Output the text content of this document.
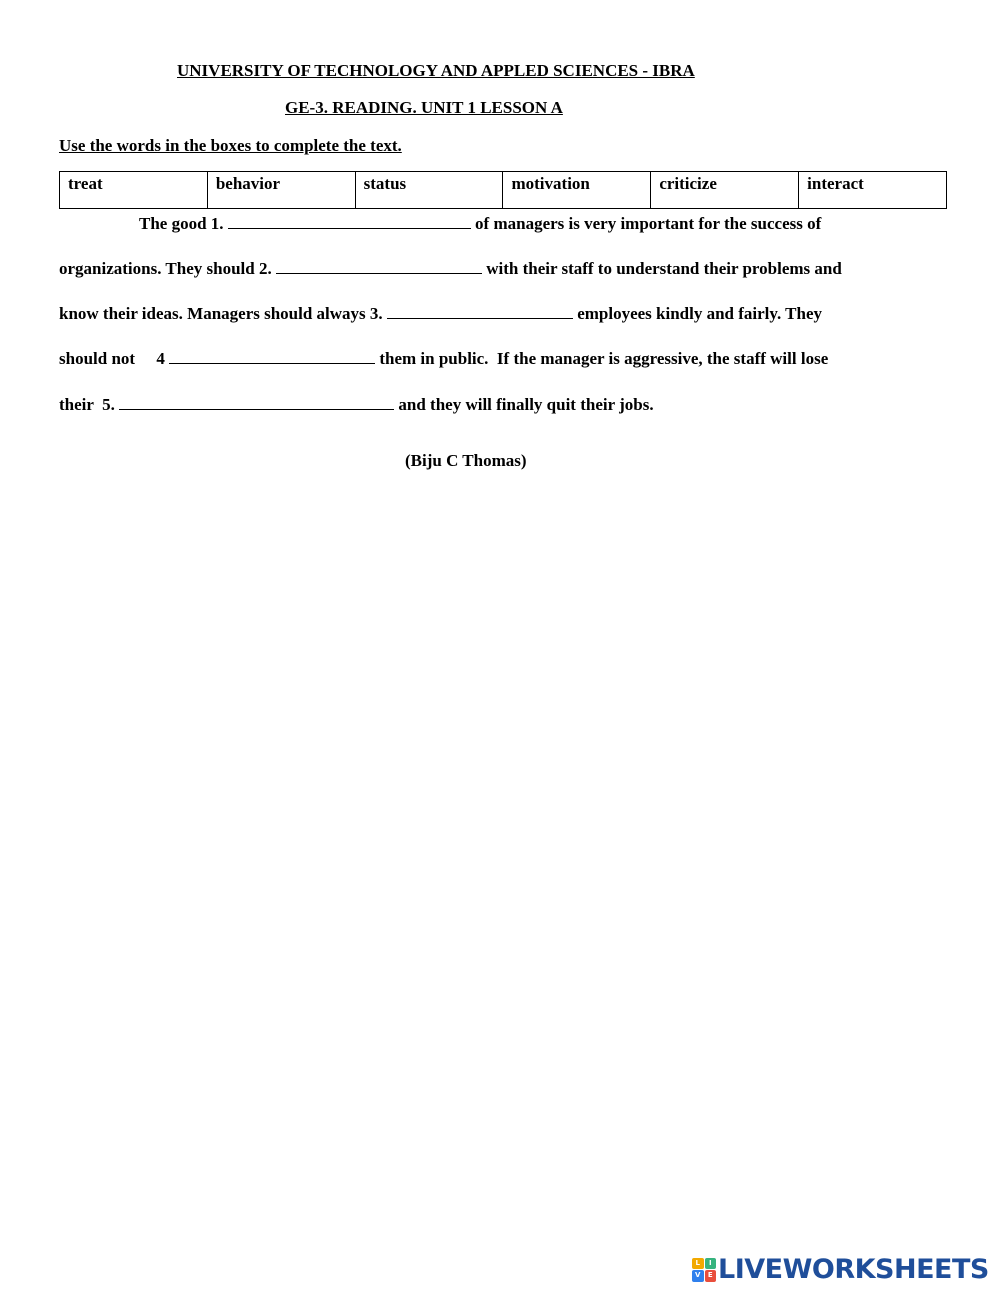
UNIVERSITY OF TECHNOLOGY AND APPLED SCIENCES - IBRA
GE-3. READING. UNIT 1 LESSON A
Use the words in the boxes to complete the text.
treat	behavior	status	motivation	criticize	interact
The good 1.	of managers is very important for the success of
organizations. They should 2.	with their staff to understand their problems and
know their ideas. Managers should always 3.	employees kindly and fairly. They
should not     4	them in public.  If the manager is aggressive, the staff will lose
their  5.	and they will finally quit their jobs.
(Biju C Thomas)
L	I
V	E LIVEWORKSHEETS
